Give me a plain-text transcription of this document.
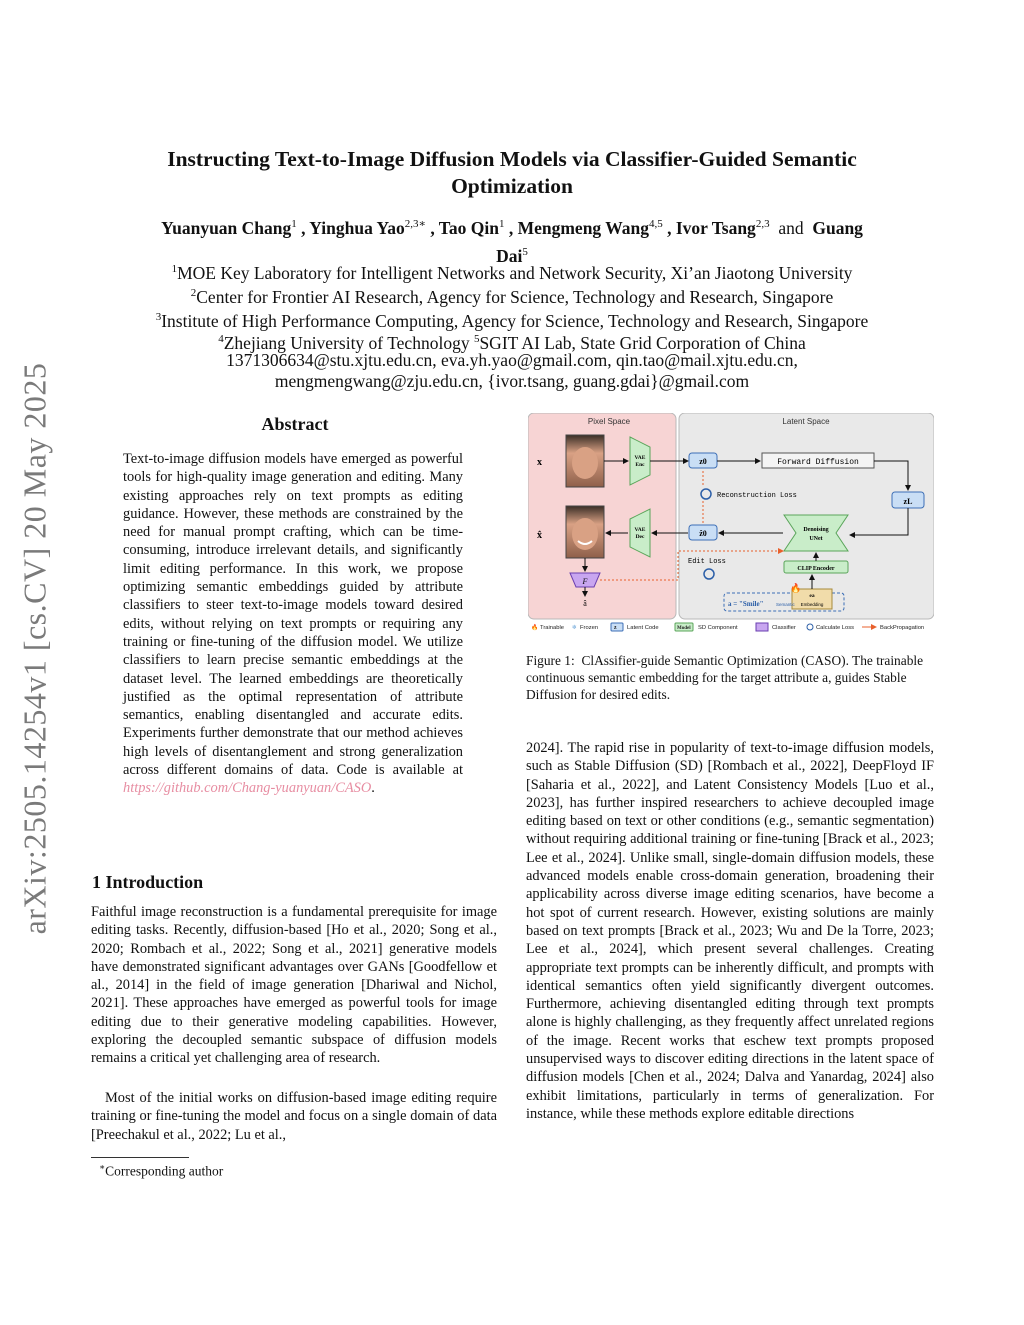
arXiv:2505.14254v1 [cs.CV] 20 May 2025
Instructing Text-to-Image Diffusion Models via Classifier-Guided Semantic
Optimization
Yuanyuan Chang$^1$ , Yinghua Yao$^{2,3∗}$ , Tao Qin$^1$ , Mengmeng Wang$^{4,5}$ , Ivor Tsang$^{2,3}$ and Guang
Dai$^5$
$^1$MOE Key Laboratory for Intelligent Networks and Network Security, Xi’an Jiaotong University
$^2$Center for Frontier AI Research, Agency for Science, Technology and Research, Singapore
$^3$Institute of High Performance Computing, Agency for Science, Technology and Research, Singapore
$^4$Zhejiang University of Technology $^5$SGIT AI Lab, State Grid Corporation of China
1371306634@stu.xjtu.edu.cn, eva.yh.yao@gmail.com, qin.tao@mail.xjtu.edu.cn,
mengmengwang@zju.edu.cn, {ivor.tsang, guang.gdai}@gmail.com
Abstract
Text-to-image diffusion models have emerged as powerful tools for high-quality image generation and editing. Many existing approaches rely on text prompts as editing guidance. However, these methods are constrained by the need for manual prompt crafting, which can be time-consuming, introduce irrelevant details, and significantly limit editing performance. In this work, we propose optimizing semantic embeddings guided by attribute classifiers to steer text-to-image models toward desired edits, without relying on text prompts or requiring any training or fine-tuning of the diffusion model. We utilize classifiers to learn precise semantic embeddings at the dataset level. The learned embeddings are theoretically justified as the optimal representation of attribute semantics, enabling disentangled and accurate edits. Experiments further demonstrate that our method achieves high levels of disentanglement and strong generalization across different domains of data. Code is available at https://github.com/Chang-yuanyuan/CASO.
1 Introduction
Faithful image reconstruction is a fundamental prerequisite for image editing tasks. Recently, diffusion-based [Ho et al., 2020; Song et al., 2020; Rombach et al., 2022; Song et al., 2021] generative models have demonstrated significant advantages over GANs [Goodfellow et al., 2014] in the field of image generation [Dhariwal and Nichol, 2021]. These approaches have emerged as powerful tools for image editing due to their generative modeling capabilities. However, exploring the decoupled semantic subspace of diffusion models remains a critical yet challenging area of research.
Most of the initial works on diffusion-based image editing require training or fine-tuning the model and focus on a single domain of data [Preechakul et al., 2022; Lu et al.,
∗Corresponding author
Pixel Space	Latent Space
x	VAE
Enc	z0	Forward Diffusion
zL
Reconstruction Loss
x̂	VAE
Dec	ẑ0	Denoising
UNet
CLIP Encoder
Edit Loss
F
â	a = "Smile"
ea
Embedding
Semantic
🔥
🔥 Trainable ❄ Frozen	z Latent Code	Model SD Component	Classifier	Calculate Loss	BackPropagation
Figure 1: ClAssifier-guide Semantic Optimization (CASO). The trainable continuous semantic embedding for the target attribute a, guides Stable Diffusion for desired edits.
2024]. The rapid rise in popularity of text-to-image diffusion models, such as Stable Diffusion (SD) [Rombach et al., 2022], DeepFloyd IF [Saharia et al., 2022], and Latent Consistency Models [Luo et al., 2023], has further inspired researchers to achieve decoupled image editing based on text or other conditions (e.g., semantic segmentation) without requiring additional training or fine-tuning [Brack et al., 2023; Lee et al., 2024]. Unlike small, single-domain diffusion models, these advanced models enable cross-domain generation, broadening their applicability across diverse image editing scenarios, have become a hot spot of current research. However, existing solutions are mainly based on text prompts [Brack et al., 2023; Wu and De la Torre, 2023; Lee et al., 2024], which present several challenges. Creating appropriate text prompts can be inherently difficult, and prompts with identical semantics often yield significantly divergent outcomes. Furthermore, achieving disentangled editing through text prompts alone is highly challenging, as they frequently affect unrelated regions of the image. Recent works that eschew text prompts proposed unsupervised ways to discover editing directions in the latent space of diffusion models [Chen et al., 2024; Dalva and Yanardag, 2024] also exhibit limitations, particularly in terms of generalization. For instance, while these methods explore editable directions
